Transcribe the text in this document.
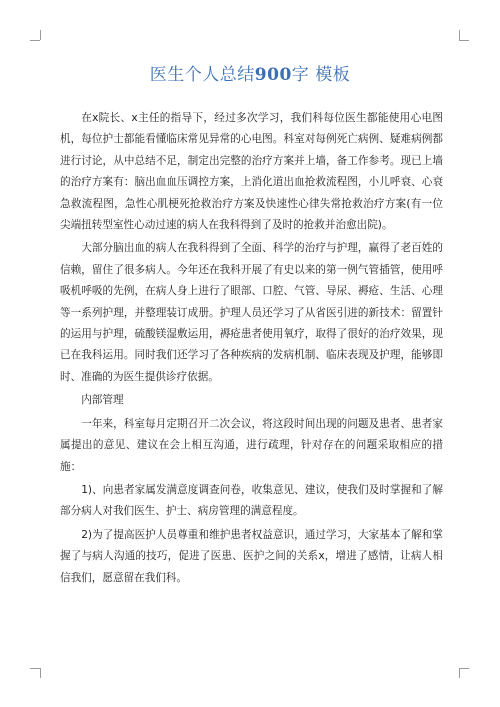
医生个人总结900字 模板

在x院长、x主任的指导下，经过多次学习，我们科每位医生都能使用心电图机，每位护士都能看懂临床常见异常的心电图。科室对每例死亡病例、疑难病例都进行讨论，从中总结不足，制定出完整的治疗方案并上墙，备工作参考。现已上墙的治疗方案有：脑出血血压调控方案，上消化道出血抢救流程图，小儿呼衰、心衰急救流程图，急性心肌梗死抢救治疗方案及快速性心律失常抢救治疗方案(有一位尖端扭转型室性心动过速的病人在我科得到了及时的抢救并治愈出院)。

大部分脑出血的病人在我科得到了全面、科学的治疗与护理，赢得了老百姓的信赖，留住了很多病人。今年还在我科开展了有史以来的第一例气管插管，使用呼吸机呼吸的先例，在病人身上进行了眼部、口腔、气管、导尿、褥疮、生活、心理等一系列护理，并整理装订成册。护理人员还学习了从省医引进的新技术：留置针的运用与护理，硫酸镁湿敷运用，褥疮患者使用氧疗，取得了很好的治疗效果，现已在我科运用。同时我们还学习了各种疾病的发病机制、临床表现及护理，能够即时、准确的为医生提供诊疗依据。

内部管理

一年来，科室每月定期召开二次会议，将这段时间出现的问题及患者、患者家属提出的意见、建议在会上相互沟通，进行疏理，针对存在的问题采取相应的措施：

1)、向患者家属发满意度调查问卷，收集意见、建议，使我们及时掌握和了解部分病人对我们医生、护士、病房管理的满意程度。

2)为了提高医护人员尊重和维护患者权益意识，通过学习，大家基本了解和掌握了与病人沟通的技巧，促进了医患、医护之间的关系x，增进了感情，让病人相信我们，愿意留在我们科。
